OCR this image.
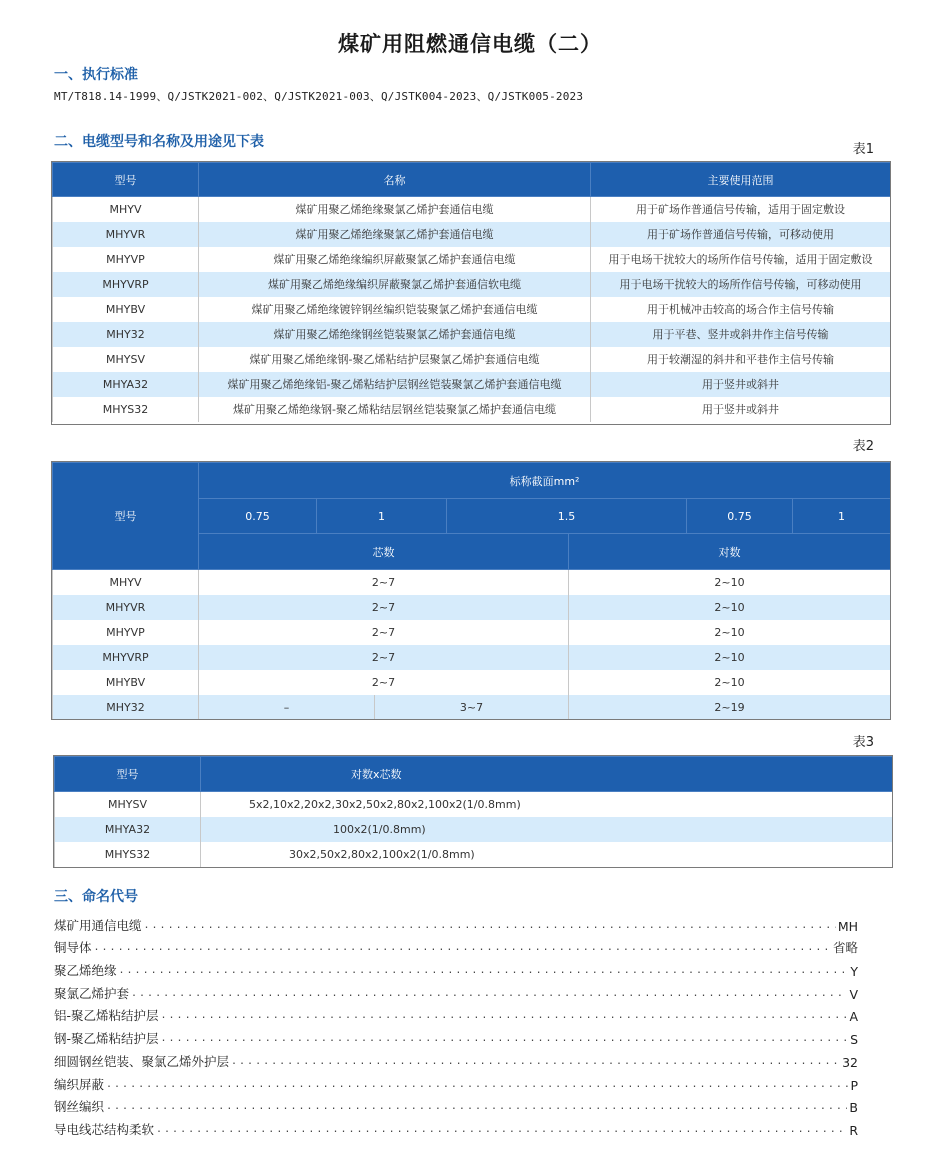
煤矿用阻燃通信电缆（二）
一、执行标准
MT/T818.14-1999、Q/JSTK2021-002、Q/JSTK2021-003、Q/JSTK004-2023、Q/JSTK005-2023
二、电缆型号和名称及用途见下表	表1
型号	名称	主要使用范围
MHYV	煤矿用聚乙烯绝缘聚氯乙烯护套通信电缆	用于矿场作普通信号传输，适用于固定敷设
MHYVR	煤矿用聚乙烯绝缘聚氯乙烯护套通信电缆	用于矿场作普通信号传输，可移动使用
MHYVP	煤矿用聚乙烯绝缘编织屏蔽聚氯乙烯护套通信电缆	用于电场干扰较大的场所作信号传输，适用于固定敷设
MHYVRP	煤矿用聚乙烯绝缘编织屏蔽聚氯乙烯护套通信软电缆	用于电场干扰较大的场所作信号传输，可移动使用
MHYBV	煤矿用聚乙烯绝缘镀锌钢丝编织铠装聚氯乙烯护套通信电缆	用于机械冲击较高的场合作主信号传输
MHY32	煤矿用聚乙烯绝缘钢丝铠装聚氯乙烯护套通信电缆	用于平巷、竖井或斜井作主信号传输
MHYSV	煤矿用聚乙烯绝缘钢-聚乙烯粘结护层聚氯乙烯护套通信电缆	用于较潮湿的斜井和平巷作主信号传输
MHYA32	煤矿用聚乙烯绝缘铝-聚乙烯粘结护层钢丝铠装聚氯乙烯护套通信电缆	用于竖井或斜井
MHYS32	煤矿用聚乙烯绝缘钢-聚乙烯粘结层钢丝铠装聚氯乙烯护套通信电缆	用于竖井或斜井
表2
型号	标称截面mm²							
	0.75	1		1.5		0.75	1	
	芯数				对数			
MHYV	2~7				2~10			
MHYVR	2~7				2~10			
MHYVP	2~7				2~10			
MHYVRP	2~7				2~10			
MHYBV	2~7				2~10			
MHY32	–		3~7		2~19			
表3
型号	对数x芯数
MHYSV	5x2,10x2,20x2,30x2,50x2,80x2,100x2(1/0.8mm)
MHYA32	100x2(1/0.8mm)
MHYS32	30x2,50x2,80x2,100x2(1/0.8mm)
三、命名代号
煤矿用通信电缆 .....	MH
铜导体 .....	省略
聚乙烯绝缘 .....	Y
聚氯乙烯护套 .....	V
铝-聚乙烯粘结护层 .....	A
钢-聚乙烯粘结护层 .....	S
细圆钢丝铠装、聚氯乙烯外护层 .....	32
编织屏蔽 .....	P
钢丝编织 .....	B
导电线芯结构柔软 .....	R
